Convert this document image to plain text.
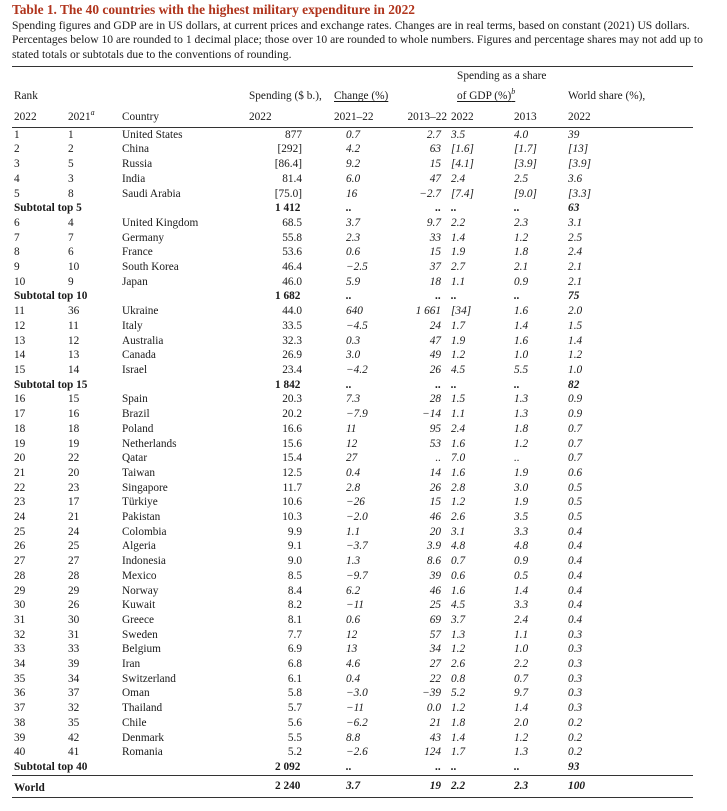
Table 1. The 40 countries with the highest military expenditure in 2022
Spending figures and GDP are in US dollars, at current prices and exchange rates. Changes are in real terms, based on constant (2021) US dollars. Percentages below 10 are rounded to 1 decimal place; those over 10 are rounded to whole numbers. Figures and percentage shares may not add up to stated totals or subtotals due to the conventions of rounding.
						Spending as a share		
Rank			Spending ($ b.),	Change (%)		of GDP (%)$^b$		World share (%),
2022	2021$^a$	Country	2022	2021–22	2013–22	2022	2013	2022
1	1	United States	877	0.7	2.7	3.5	4.0	39
2	2	China	[292]	4.2	63	[1.6]	[1.7]	[13]
3	5	Russia	[86.4]	9.2	15	[4.1]	[3.9]	[3.9]
4	3	India	81.4	6.0	47	2.4	2.5	3.6
5	8	Saudi Arabia	[75.0]	16	−2.7	[7.4]	[9.0]	[3.3]
Subtotal top 5			1 412	..	..	..	..	63
6	4	United Kingdom	68.5	3.7	9.7	2.2	2.3	3.1
7	7	Germany	55.8	2.3	33	1.4	1.2	2.5
8	6	France	53.6	0.6	15	1.9	1.8	2.4
9	10	South Korea	46.4	−2.5	37	2.7	2.1	2.1
10	9	Japan	46.0	5.9	18	1.1	0.9	2.1
Subtotal top 10			1 682	..	..	..	..	75
11	36	Ukraine	44.0	640	1 661	[34]	1.6	2.0
12	11	Italy	33.5	−4.5	24	1.7	1.4	1.5
13	12	Australia	32.3	0.3	47	1.9	1.6	1.4
14	13	Canada	26.9	3.0	49	1.2	1.0	1.2
15	14	Israel	23.4	−4.2	26	4.5	5.5	1.0
Subtotal top 15			1 842	..	..	..	..	82
16	15	Spain	20.3	7.3	28	1.5	1.3	0.9
17	16	Brazil	20.2	−7.9	−14	1.1	1.3	0.9
18	18	Poland	16.6	11	95	2.4	1.8	0.7
19	19	Netherlands	15.6	12	53	1.6	1.2	0.7
20	22	Qatar	15.4	27	..	7.0	..	0.7
21	20	Taiwan	12.5	0.4	14	1.6	1.9	0.6
22	23	Singapore	11.7	2.8	26	2.8	3.0	0.5
23	17	Türkiye	10.6	−26	15	1.2	1.9	0.5
24	21	Pakistan	10.3	−2.0	46	2.6	3.5	0.5
25	24	Colombia	9.9	1.1	20	3.1	3.3	0.4
26	25	Algeria	9.1	−3.7	3.9	4.8	4.8	0.4
27	27	Indonesia	9.0	1.3	8.6	0.7	0.9	0.4
28	28	Mexico	8.5	−9.7	39	0.6	0.5	0.4
29	29	Norway	8.4	6.2	46	1.6	1.4	0.4
30	26	Kuwait	8.2	−11	25	4.5	3.3	0.4
31	30	Greece	8.1	0.6	69	3.7	2.4	0.4
32	31	Sweden	7.7	12	57	1.3	1.1	0.3
33	33	Belgium	6.9	13	34	1.2	1.0	0.3
34	39	Iran	6.8	4.6	27	2.6	2.2	0.3
35	34	Switzerland	6.1	0.4	22	0.8	0.7	0.3
36	37	Oman	5.8	−3.0	−39	5.2	9.7	0.3
37	32	Thailand	5.7	−11	0.0	1.2	1.4	0.3
38	35	Chile	5.6	−6.2	21	1.8	2.0	0.2
39	42	Denmark	5.5	8.8	43	1.4	1.2	0.2
40	41	Romania	5.2	−2.6	124	1.7	1.3	0.2
Subtotal top 40			2 092	..	..	..	..	93
World			2 240	3.7	19	2.2	2.3	100
